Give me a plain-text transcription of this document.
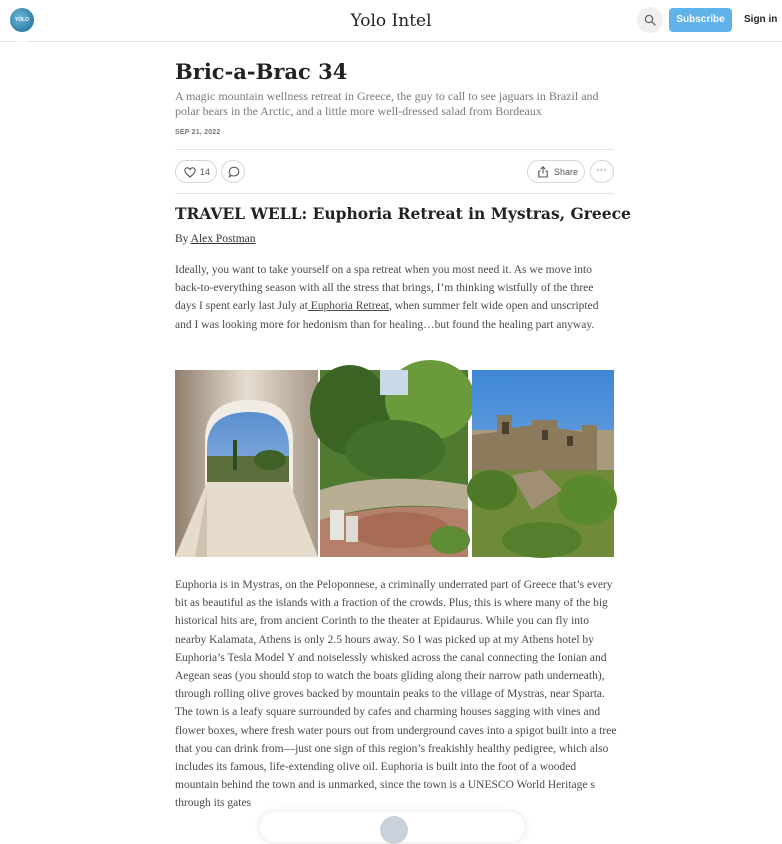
YOLO INTEL
Yolo Intel	Subscribe	Sign in
Bric-a-Brac 34

A magic mountain wellness retreat in Greece, the guy to call to see jaguars in Brazil and polar bears in the Arctic, and a little more well-dressed salad from Bordeaux

SEP 21, 2022
14	Share ···
TRAVEL WELL: Euphoria Retreat in Mystras, Greece
By Alex Postman

Ideally, you want to take yourself on a spa retreat when you most need it. As we move into back-to-everything season with all the stress that brings, I’m thinking wistfully of the three days I spent early last July at Euphoria Retreat, when summer felt wide open and unscripted and I was looking more for hedonism than for healing…but found the healing part anyway.

Euphoria is in Mystras, on the Peloponnese, a criminally underrated part of Greece that’s every bit as beautiful as the islands with a fraction of the crowds. Plus, this is where many of the big historical hits are, from ancient Corinth to the theater at Epidaurus. While you can fly into nearby Kalamata, Athens is only 2.5 hours away. So I was picked up at my Athens hotel by Euphoria’s Tesla Model Y and noiselessly whisked across the canal connecting the Ionian and Aegean seas (you should stop to watch the boats gliding along their narrow path underneath), through rolling olive groves backed by mountain peaks to the village of Mystras, near Sparta. The town is a leafy square surrounded by cafes and charming houses sagging with vines and flower boxes, where fresh water pours out from underground caves into a spigot built into a tree that you can drink from—just one sign of this region’s freakishly healthy pedigree, which also includes its famous, life-extending olive oil. Euphoria is built into the foot of a wooded mountain behind the town and is unmarked, since the town is a UNESCO World Heritage s through its gates
